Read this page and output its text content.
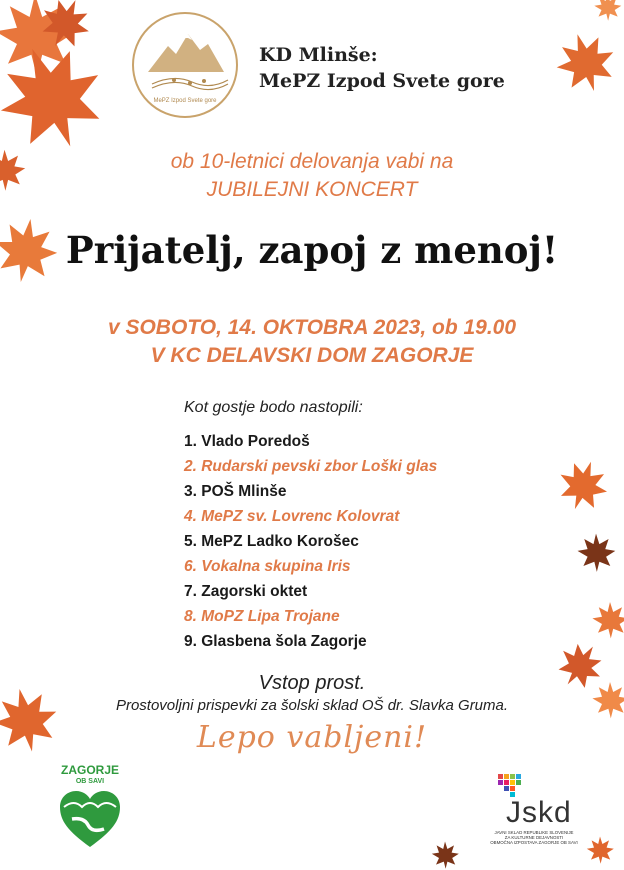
MePZ Izpod Svete gore
KD Mlinše:
MePZ Izpod Svete gore
ob 10-letnici delovanja vabi na
JUBILEJNI KONCERT
Prijatelj, zapoj z menoj!
v SOBOTO, 14. OKTOBRA 2023, ob 19.00
V KC DELAVSKI DOM ZAGORJE
Kot gostje bodo nastopili:
1. Vlado Poredoš
2. Rudarski pevski zbor Loški glas
3. POŠ Mlinše
4. MePZ sv. Lovrenc Kolovrat
5. MePZ Ladko Korošec
6. Vokalna skupina Iris
7. Zagorski oktet
8. MoPZ Lipa Trojane
9. Glasbena šola Zagorje
Vstop prost.
Prostovoljni prispevki za šolski sklad OŠ dr. Slavka Gruma.
Lepo vabljeni!
ZAGORJE
OB SAVI
Jskd
JAVNI SKLAD REPUBLIKE SLOVENIJE
ZA KULTURNE DEJAVNOSTI
OBMOČNA IZPOSTAVA ZAGORJE OB SAVI
